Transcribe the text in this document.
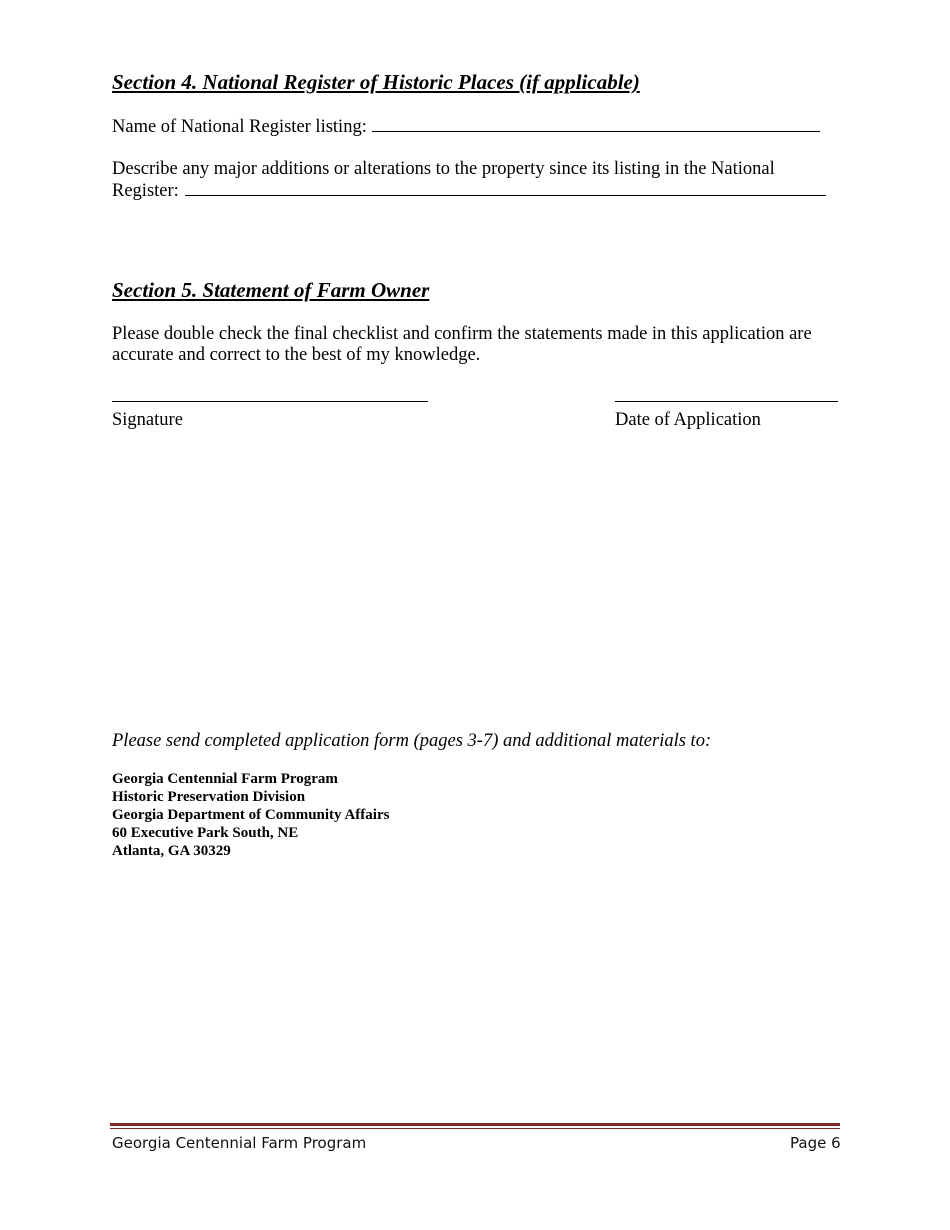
Section 4. National Register of Historic Places (if applicable)
Name of National Register listing:
Describe any major additions or alterations to the property since its listing in the National
Register:
Section 5. Statement of Farm Owner
Please double check the final checklist and confirm the statements made in this application are
accurate and correct to the best of my knowledge.
Signature	Date of Application
Please send completed application form (pages 3-7) and additional materials to:
Georgia Centennial Farm Program
Historic Preservation Division
Georgia Department of Community Affairs
60 Executive Park South, NE
Atlanta, GA 30329
Georgia Centennial Farm Program	Page 6
